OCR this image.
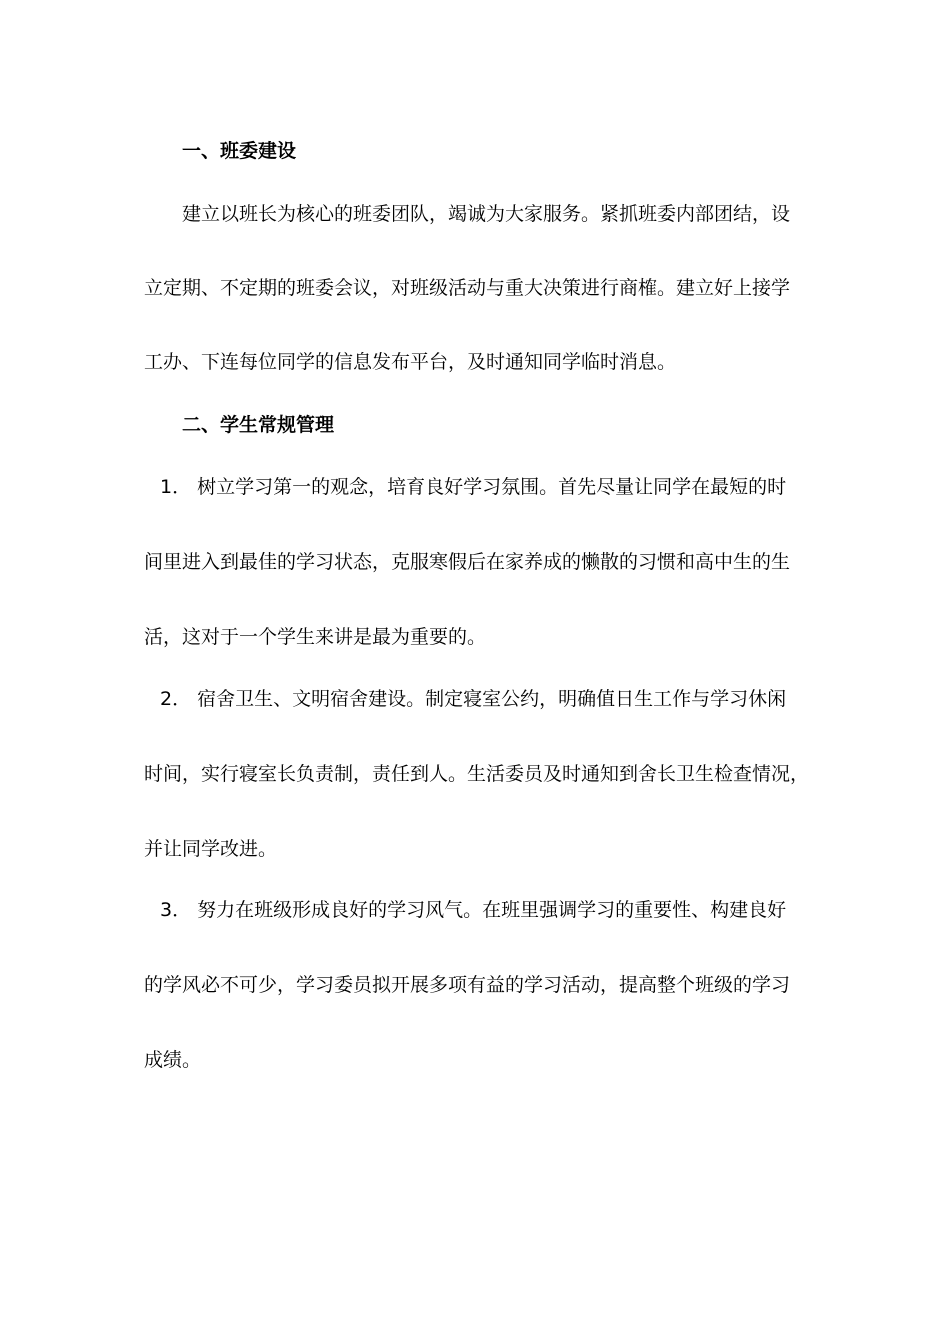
一、班委建设
建立以班长为核心的班委团队，竭诚为大家服务。紧抓班委内部团结，设
立定期、不定期的班委会议，对班级活动与重大决策进行商榷。建立好上接学
工办、下连每位同学的信息发布平台，及时通知同学临时消息。
二、学生常规管理
1． 树立学习第一的观念，培育良好学习氛围。首先尽量让同学在最短的时
间里进入到最佳的学习状态，克服寒假后在家养成的懒散的习惯和高中生的生
活，这对于一个学生来讲是最为重要的。
2． 宿舍卫生、文明宿舍建设。制定寝室公约，明确值日生工作与学习休闲
时间，实行寝室长负责制，责任到人。生活委员及时通知到舍长卫生检查情况，
并让同学改进。
3． 努力在班级形成良好的学习风气。在班里强调学习的重要性、构建良好
的学风必不可少，学习委员拟开展多项有益的学习活动，提高整个班级的学习
成绩。
